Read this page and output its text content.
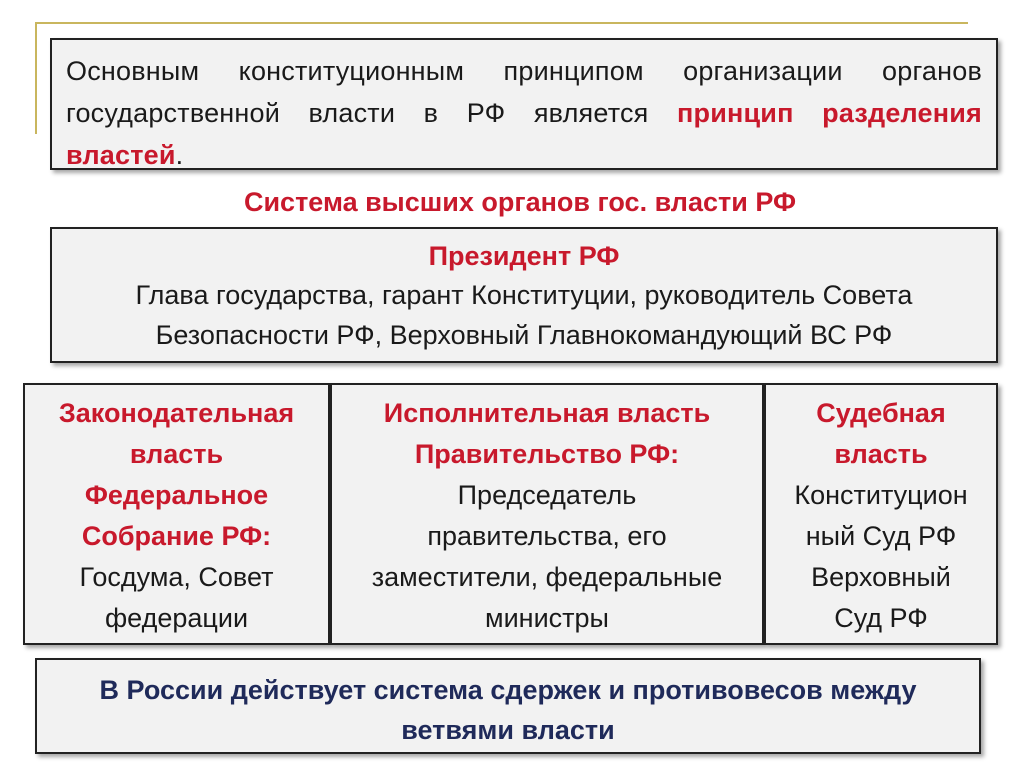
Основным конституционным принципом организации органов государственной власти в РФ является принцип разделения властей.

Система высших органов гос. власти РФ
Президент РФ
Глава государства, гарант Конституции, руководитель Совета
Безопасности РФ, Верховный Главнокомандующий ВС РФ
Законодательная
власть
Федеральное
Собрание РФ:
Госдума, Совет
федерации
Исполнительная власть
Правительство РФ:
Председатель
правительства, его
заместители, федеральные
министры
Судебная
власть
Конституцион
ный Суд РФ
Верховный
Суд РФ
В России действует система сдержек и противовесов между
ветвями власти
